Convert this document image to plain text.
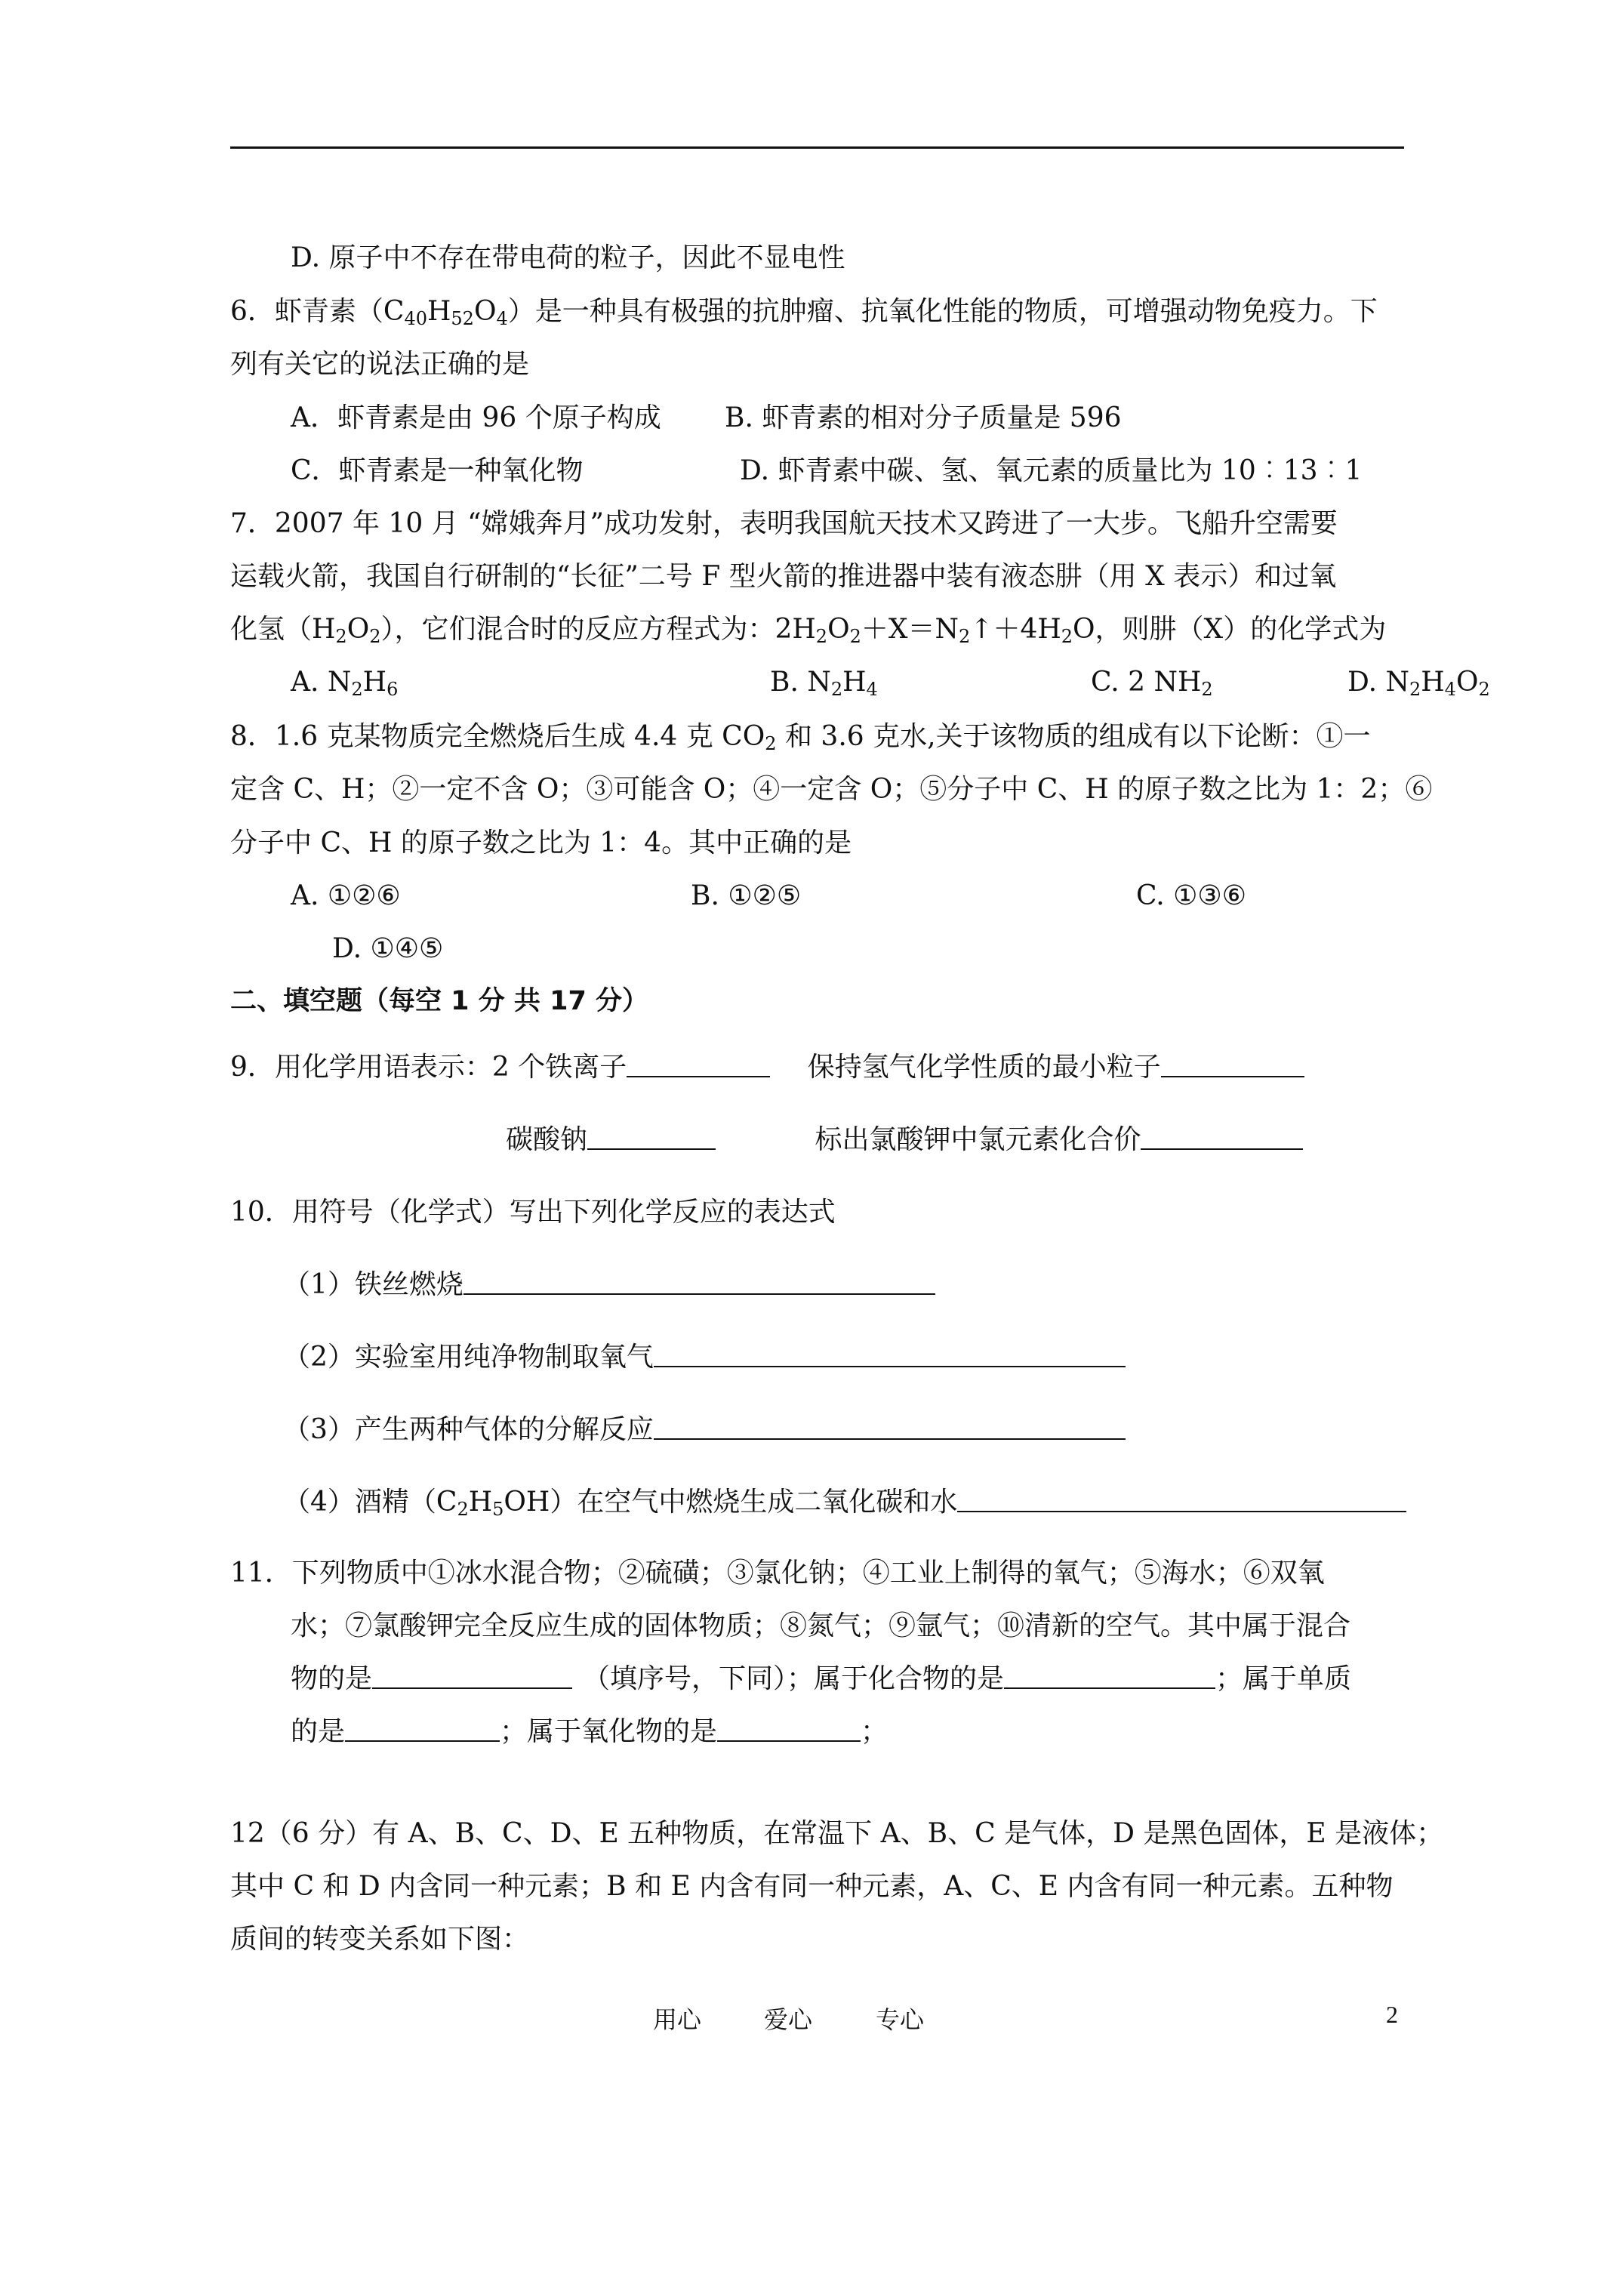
D. 原子中不存在带电荷的粒子，因此不显电性
6．虾青素$(C_{40}H_{52}O_4)$是一种具有极强的抗肿瘤、抗氧化性能的物质，可增强动物免疫力。下
列有关它的说法正确的是
A．虾青素是由 96 个原子构成 B. 虾青素的相对分子质量是 596
C．虾青素是一种氧化物	D. 虾青素中碳、氢、氧元素的质量比为 10︰13︰1
7．2007 年 10 月 “嫦娥奔月”成功发射，表明我国航天技术又跨进了一大步。飞船升空需要
运载火箭，我国自行研制的“长征”二号 F 型火箭的推进器中装有液态肼（用 X 表示）和过氧
化氢$(H_2O_2)$，它们混合时的反应方程式为：$2H_2O_2+X=N_2↑+4H_2O$，则肼（X）的化学式为
A. $N_2H_6$	B. $N_2H_4$	C. 2 $NH_2$	D. $N_2H_4O_2$
8．1.6 克某物质完全燃烧后生成 4.4 克 $CO_2$ 和 3.6 克水,关于该物质的组成有以下论断：①一
定含 C、H；②一定不含 O；③可能含 O；④一定含 O；⑤分子中 C、H 的原子数之比为 1：2；⑥
分子中 C、H 的原子数之比为 1：4。其中正确的是
A. ①②⑥	B. ①②⑤	C. ①③⑥
D. ①④⑤
二、填空题（每空 1 分 共 17 分）
9．用化学用语表示：2 个铁离子	保持氢气化学性质的最小粒子
碳酸钠	标出氯酸钾中氯元素化合价
10．用符号（化学式）写出下列化学反应的表达式
（1）铁丝燃烧
（2）实验室用纯净物制取氧气
（3）产生两种气体的分解反应
（4）酒精$(C_2H_5OH)$在空气中燃烧生成二氧化碳和水
11．下列物质中①冰水混合物；②硫磺；③氯化钠；④工业上制得的氧气；⑤海水；⑥双氧
水；⑦氯酸钾完全反应生成的固体物质；⑧氮气；⑨氩气；⑩清新的空气。其中属于混合
物的是	（填序号，下同）；属于化合物的是	；属于单质
的是	；属于氧化物的是	；
12（6 分）有 A、B、C、D、E 五种物质，在常温下 A、B、C 是气体，D 是黑色固体，E 是液体；
其中 C 和 D 内含同一种元素；B 和 E 内含有同一种元素，A、C、E 内含有同一种元素。五种物
质间的转变关系如下图：
用心	爱心	专心	2
